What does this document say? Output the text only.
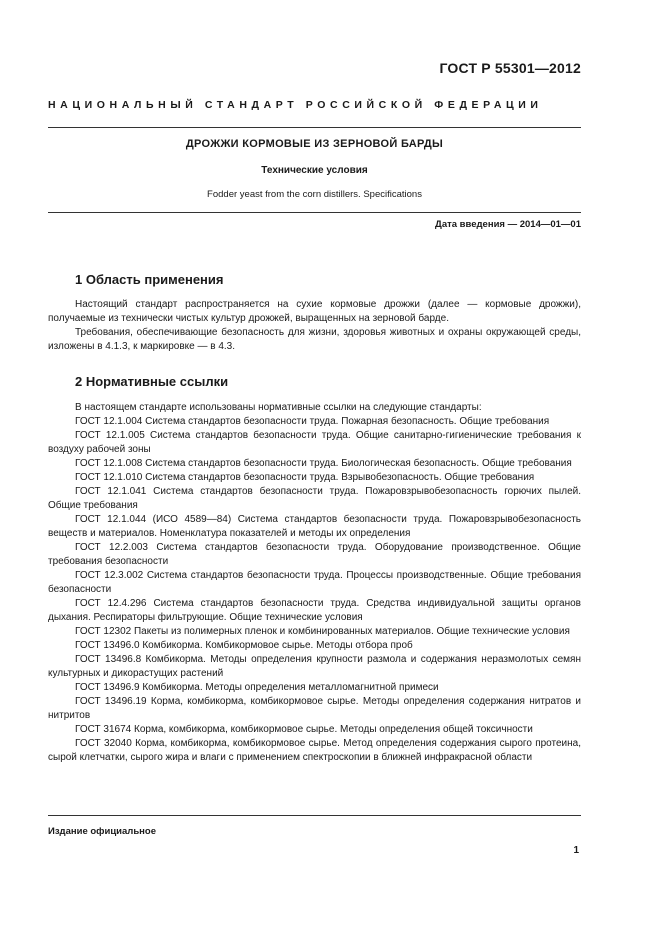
ГОСТ Р 55301—2012
НАЦИОНАЛЬНЫЙ СТАНДАРТ РОССИЙСКОЙ ФЕДЕРАЦИИ
ДРОЖЖИ КОРМОВЫЕ ИЗ ЗЕРНОВОЙ БАРДЫ
Технические условия
Fodder yeast from the corn distillers. Specifications
Дата введения — 2014—01—01
1 Область применения

Настоящий стандарт распространяется на сухие кормовые дрожжи (далее — кормовые дрожжи), получаемые из технически чистых культур дрожжей, выращенных на зерновой барде.

Требования, обеспечивающие безопасность для жизни, здоровья животных и охраны окружающей среды, изложены в 4.1.3, к маркировке — в 4.3.

2 Нормативные ссылки

В настоящем стандарте использованы нормативные ссылки на следующие стандарты:

ГОСТ 12.1.004 Система стандартов безопасности труда. Пожарная безопасность. Общие требования

ГОСТ 12.1.005 Система стандартов безопасности труда. Общие санитарно-гигиенические требования к воздуху рабочей зоны

ГОСТ 12.1.008 Система стандартов безопасности труда. Биологическая безопасность. Общие требования

ГОСТ 12.1.010 Система стандартов безопасности труда. Взрывобезопасность. Общие требования

ГОСТ 12.1.041 Система стандартов безопасности труда. Пожаровзрывобезопасность горючих пылей. Общие требования

ГОСТ 12.1.044 (ИСО 4589—84) Система стандартов безопасности труда. Пожаровзрывобезопасность веществ и материалов. Номенклатура показателей и методы их определения

ГОСТ 12.2.003 Система стандартов безопасности труда. Оборудование производственное. Общие требования безопасности

ГОСТ 12.3.002 Система стандартов безопасности труда. Процессы производственные. Общие требования безопасности

ГОСТ 12.4.296 Система стандартов безопасности труда. Средства индивидуальной защиты органов дыхания. Респираторы фильтрующие. Общие технические условия

ГОСТ 12302 Пакеты из полимерных пленок и комбинированных материалов. Общие технические условия

ГОСТ 13496.0 Комбикорма. Комбикормовое сырье. Методы отбора проб

ГОСТ 13496.8 Комбикорма. Методы определения крупности размола и содержания неразмолотых семян культурных и дикорастущих растений

ГОСТ 13496.9 Комбикорма. Методы определения металломагнитной примеси

ГОСТ 13496.19 Корма, комбикорма, комбикормовое сырье. Методы определения содержания нитратов и нитритов

ГОСТ 31674 Корма, комбикорма, комбикормовое сырье. Методы определения общей токсичности

ГОСТ 32040 Корма, комбикорма, комбикормовое сырье. Метод определения содержания сырого протеина, сырой клетчатки, сырого жира и влаги с применением спектроскопии в ближней инфракрасной области

Издание официальное
1
